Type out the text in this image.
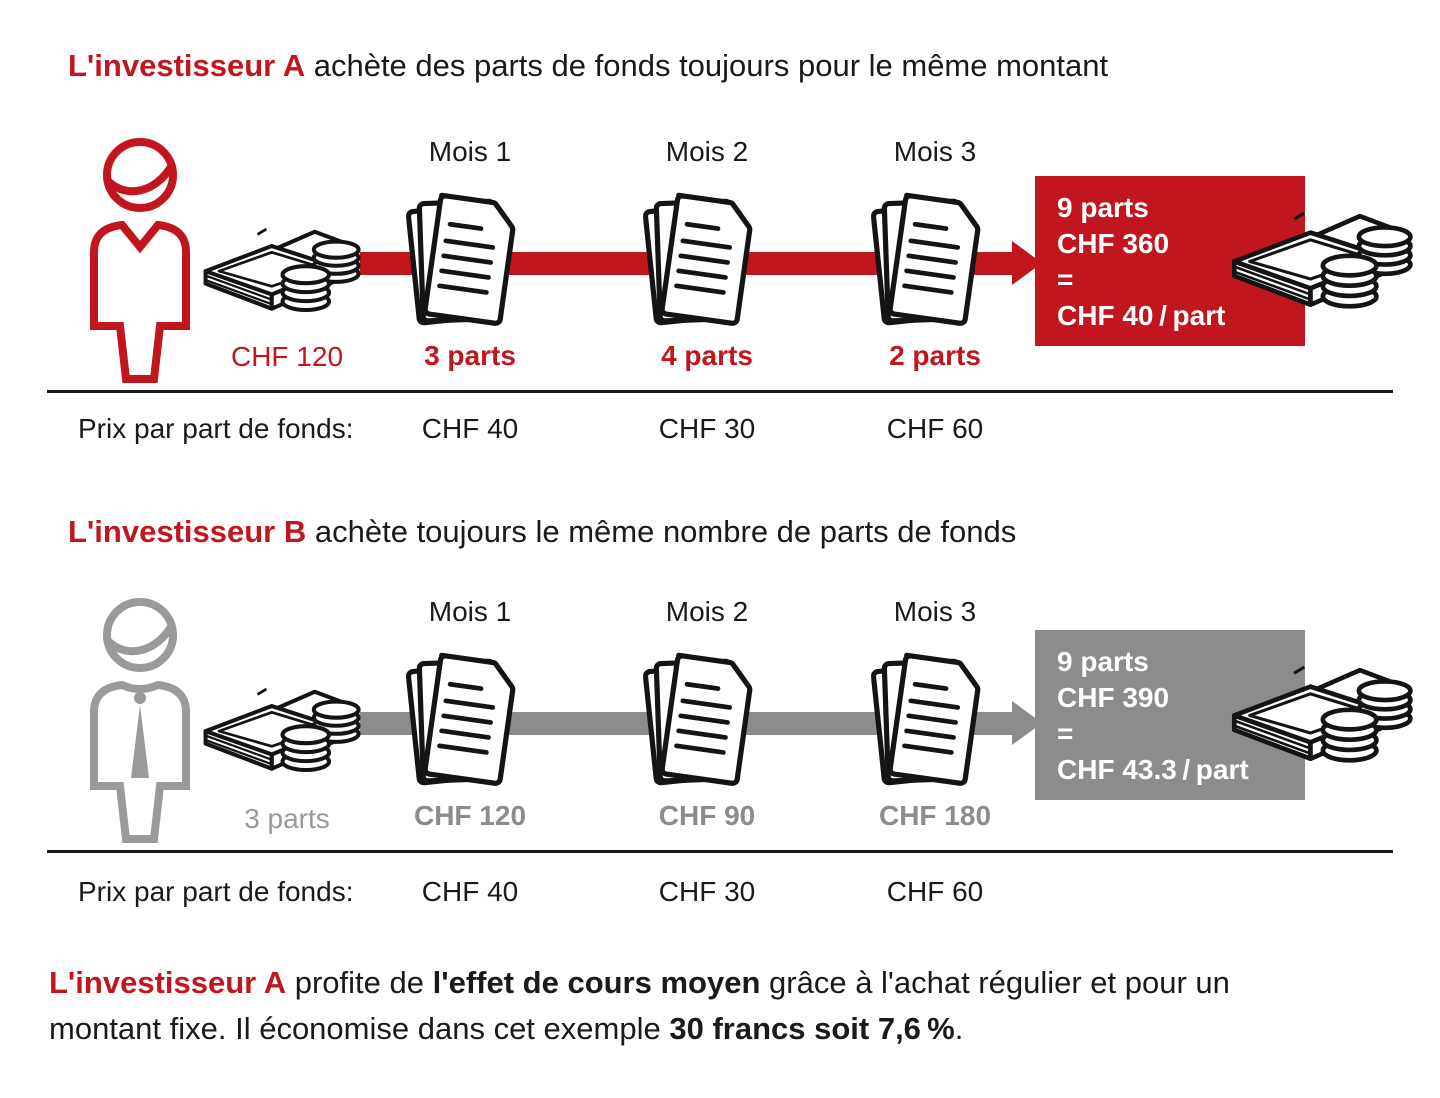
L'investisseur A achète des parts de fonds toujours pour le même montant
CHF 120
Mois 1	Mois 2	Mois 3
3 parts	4 parts	2 parts
9 parts
CHF 360
=
CHF 40 / part
Prix par part de fonds:	CHF 40	CHF 30	CHF 60
L'investisseur B achète toujours le même nombre de parts de fonds
3 parts
Mois 1	Mois 2	Mois 3
CHF 120	CHF 90	CHF 180
9 parts
CHF 390
=
CHF 43.3 / part
Prix par part de fonds:	CHF 40	CHF 30	CHF 60
L'investisseur A profite de l'effet de cours moyen grâce à l'achat régulier et pour un
montant fixe. Il économise dans cet exemple 30 francs soit 7,6 %.
